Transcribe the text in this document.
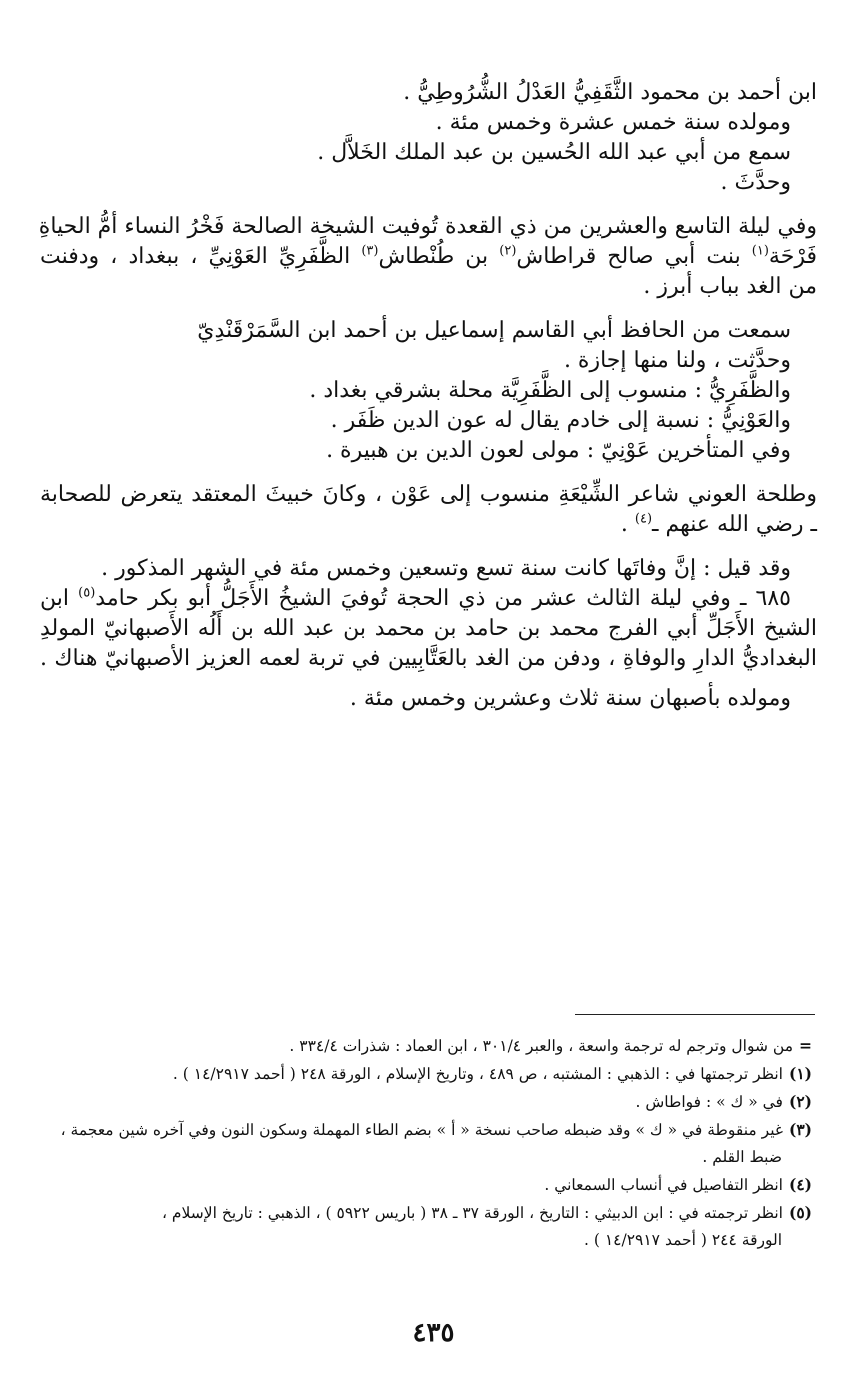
ابن أحمد بن محمود الثَّقَفِيُّ العَدْلُ الشُّرُوطِيُّ .
ومولده سنة خمس عشرة وخمس مئة .
سمع من أبي عبد الله الحُسين بن عبد الملك الخَلاَّل .
وحدَّثَ .
وفي ليلة التاسع والعشرين من ذي القعدة تُوفيت الشيخة الصالحة فَخْرُ النساء أمُّ الحياةِ
فَرْحَة$^{(١)}$ بنت أبي صالح قراطاش$^{(٢)}$ بن طُنْطاش$^{(٣)}$ الظَّفَرِيِّ العَوْنِيِّ ، ببغداد ، ودفنت
من الغد بباب أبرز .
سمعت من الحافظ أبي القاسم إسماعيل بن أحمد ابن السَّمَرْقَنْدِيّ
وحدَّثت ، ولنا منها إجازة .
والظَّفَرِيُّ : منسوب إلى الظَّفَرِيَّة محلة بشرقي بغداد .
والعَوْنِيُّ : نسبة إلى خادم يقال له عون الدين ظَفَر .
وفي المتأخرين عَوْنِيّ : مولى لعون الدين بن هبيرة .
وطلحة العوني شاعر الشِّيْعَةِ منسوب إلى عَوْن ، وكانَ خبيثَ المعتقد يتعرض للصحابة
ـ رضي الله عنهم ـ$^{(٤)}$ .
وقد قيل : إنَّ وفاتَها كانت سنة تسع وتسعين وخمس مئة في الشهر المذكور .
٦٨٥ ـ وفي ليلة الثالث عشر من ذي الحجة تُوفيَ الشيخُ الأَجَلُّ أبو بكر حامد$^{(٥)}$ ابن
الشيخ الأَجَلِّ أبي الفرج محمد بن حامد بن محمد بن عبد الله بن أَلُه الأَصبهانيّ المولدِ
البغداديُّ الدارِ والوفاةِ ، ودفن من الغد بالعَتَّابِيين في تربة لعمه العزيز الأصبهانيّ هناك .
ومولده بأصبهان سنة ثلاث وعشرين وخمس مئة .
=من شوال وترجم له ترجمة واسعة ، والعبر ٣٠١/٤ ، ابن العماد : شذرات ٣٣٤/٤ .
(١)انظر ترجمتها في : الذهبي : المشتبه ، ص ٤٨٩ ، وتاريخ الإسلام ، الورقة ٢٤٨ ( أحمد ١٤/٢٩١٧ ) .
(٢)في « ك » : فواطاش .
(٣)غير منقوطة في « ك » وقد ضبطه صاحب نسخة « أ » بضم الطاء المهملة وسكون النون وفي آخره شين معجمة ،
ضبط القلم .
(٤)انظر التفاصيل في أنساب السمعاني .
(٥)انظر ترجمته في : ابن الدبيثي : التاريخ ، الورقة ٣٧ ـ ٣٨ ( باريس ٥٩٢٢ ) ، الذهبي : تاريخ الإسلام ،
الورقة ٢٤٤ ( أحمد ١٤/٢٩١٧ ) .
٤٣٥
